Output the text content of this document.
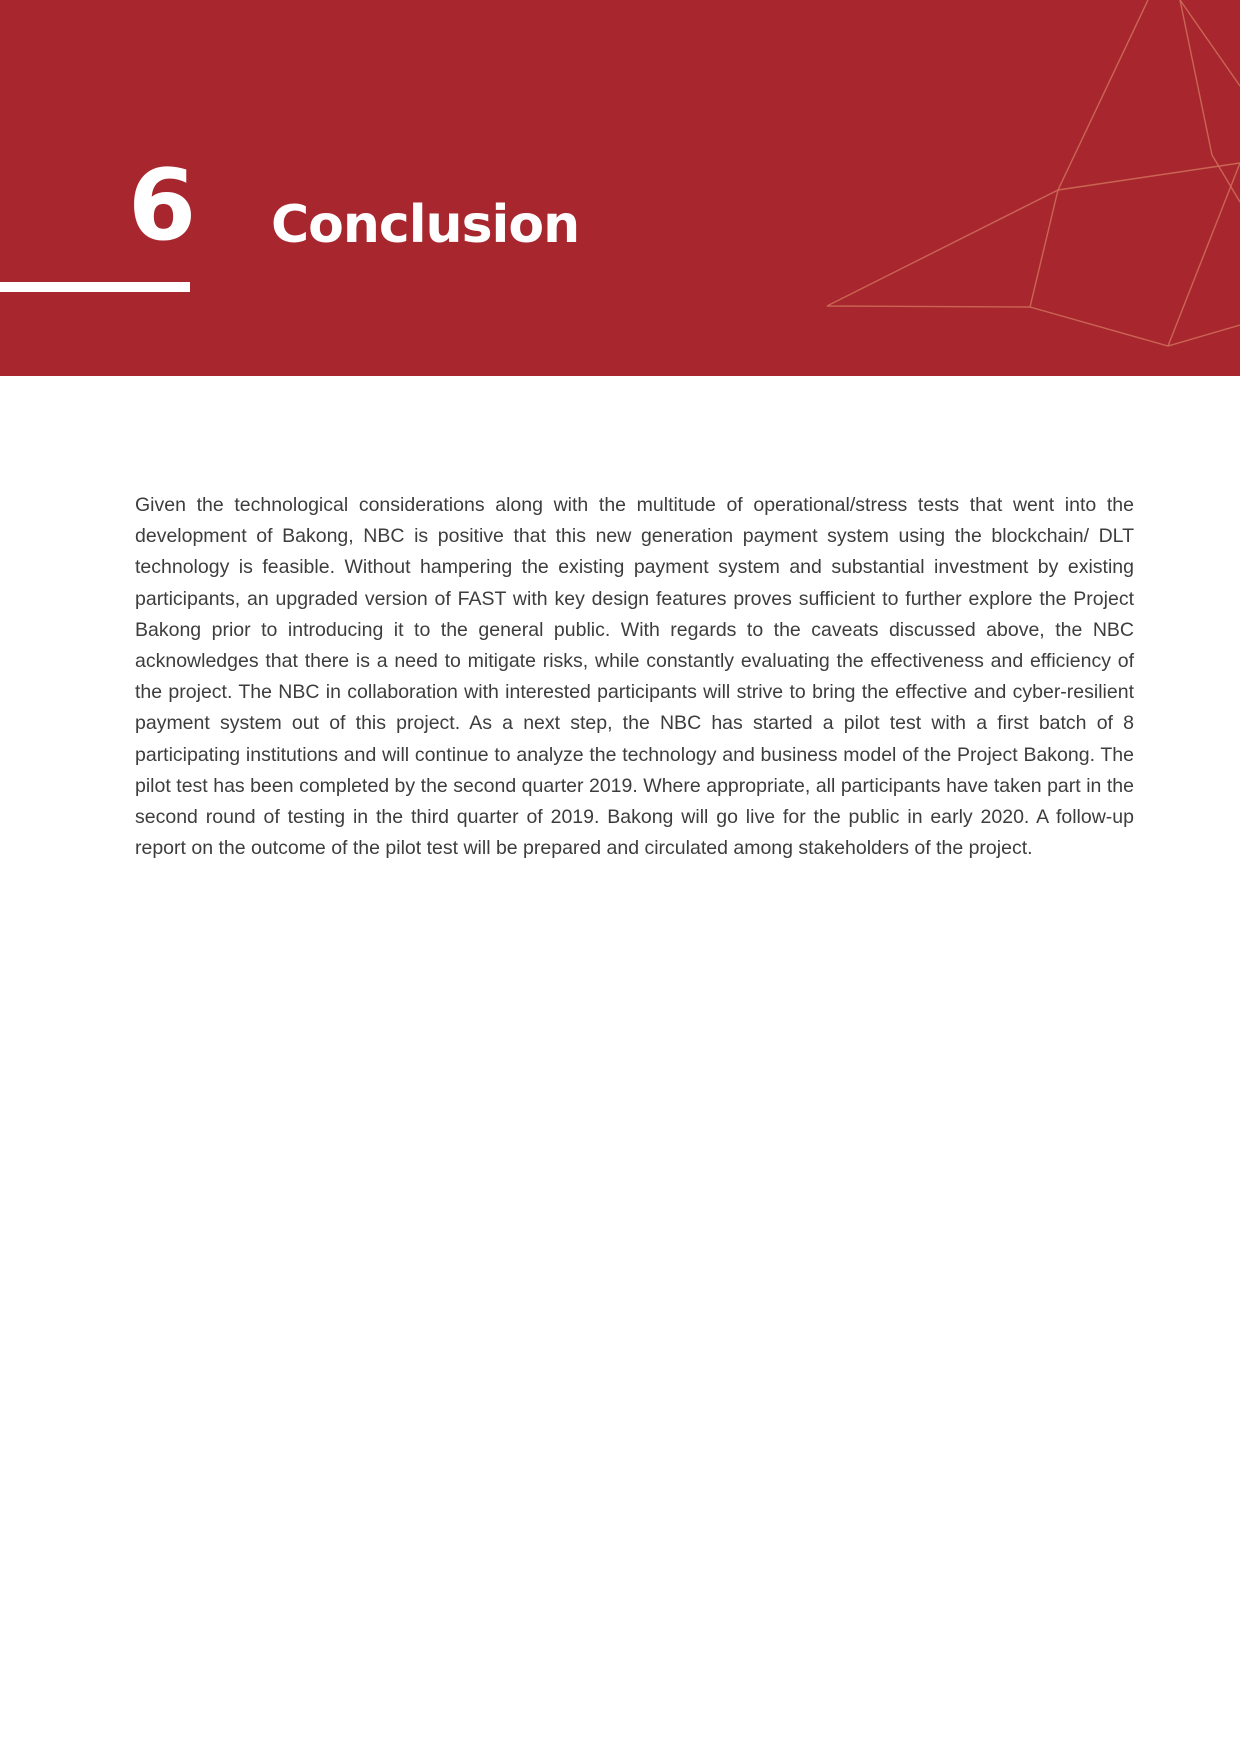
6 Conclusion

Given the technological considerations along with the multitude of operational/stress tests that went into the development of Bakong, NBC is positive that this new generation payment system using the blockchain/ DLT technology is feasible. Without hampering the existing payment system and substantial investment by existing participants, an upgraded version of FAST with key design features proves sufficient to further explore the Project Bakong prior to introducing it to the general public. With regards to the caveats discussed above, the NBC acknowledges that there is a need to mitigate risks, while constantly evaluating the effectiveness and efficiency of the project. The NBC in collaboration with interested participants will strive to bring the effective and cyber-resilient payment system out of this project. As a next step, the NBC has started a pilot test with a first batch of 8 participating institutions and will continue to analyze the technology and business model of the Project Bakong. The pilot test has been completed by the second quarter 2019. Where appropriate, all participants have taken part in the second round of testing in the third quarter of 2019. Bakong will go live for the public in early 2020. A follow-up report on the outcome of the pilot test will be prepared and circulated among stakeholders of the project.
